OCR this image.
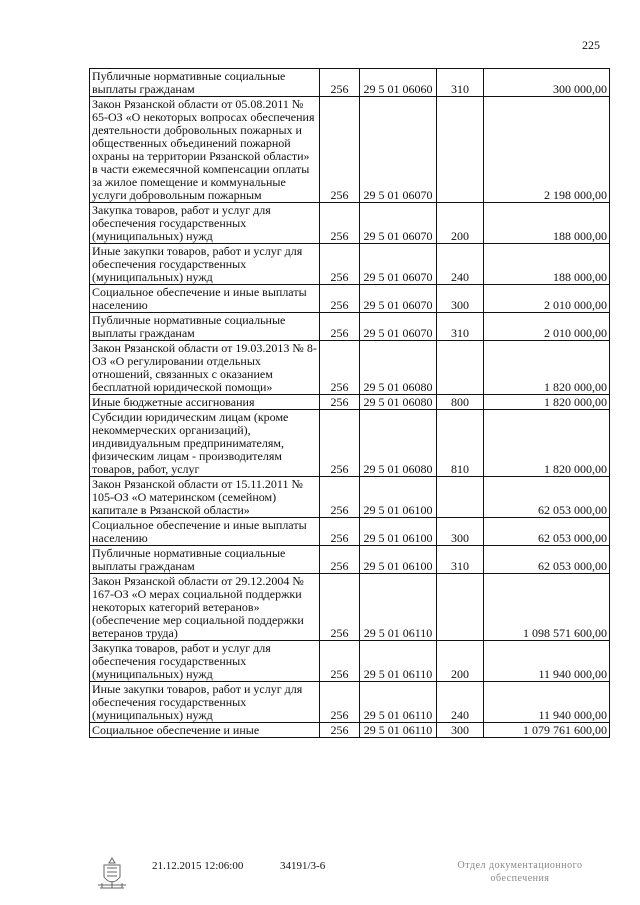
225
Публичные нормативные социальные выплаты гражданам	256	29 5 01 06060	310	300 000,00
Закон Рязанской области от 05.08.2011 № 65-ОЗ «О некоторых вопросах обеспечения деятельности добровольных пожарных и общественных объединений пожарной охраны на территории Рязанской области» в части ежемесячной компенсации оплаты за жилое помещение и коммунальные услуги добровольным пожарным	256	29 5 01 06070		2 198 000,00
Закупка товаров, работ и услуг для обеспечения государственных (муниципальных) нужд	256	29 5 01 06070	200	188 000,00
Иные закупки товаров, работ и услуг для обеспечения государственных (муниципальных) нужд	256	29 5 01 06070	240	188 000,00
Социальное обеспечение и иные выплаты населению	256	29 5 01 06070	300	2 010 000,00
Публичные нормативные социальные выплаты гражданам	256	29 5 01 06070	310	2 010 000,00
Закон Рязанской области от 19.03.2013 № 8-ОЗ «О регулировании отдельных отношений, связанных с оказанием бесплатной юридической помощи»	256	29 5 01 06080		1 820 000,00
Иные бюджетные ассигнования	256	29 5 01 06080	800	1 820 000,00
Субсидии юридическим лицам (кроме некоммерческих организаций), индивидуальным предпринимателям, физическим лицам - производителям товаров, работ, услуг	256	29 5 01 06080	810	1 820 000,00
Закон Рязанской области от 15.11.2011 № 105-ОЗ «О материнском (семейном) капитале в Рязанской области»	256	29 5 01 06100		62 053 000,00
Социальное обеспечение и иные выплаты населению	256	29 5 01 06100	300	62 053 000,00
Публичные нормативные социальные выплаты гражданам	256	29 5 01 06100	310	62 053 000,00
Закон Рязанской области от 29.12.2004 № 167-ОЗ «О мерах социальной поддержки некоторых категорий ветеранов» (обеспечение мер социальной поддержки ветеранов труда)	256	29 5 01 06110		1 098 571 600,00
Закупка товаров, работ и услуг для обеспечения государственных (муниципальных) нужд	256	29 5 01 06110	200	11 940 000,00
Иные закупки товаров, работ и услуг для обеспечения государственных (муниципальных) нужд	256	29 5 01 06110	240	11 940 000,00
Социальное обеспечение и иные	256	29 5 01 06110	300	1 079 761 600,00
21.12.2015 12:06:00	34191/3-6	Отдел документационного обеспечения
